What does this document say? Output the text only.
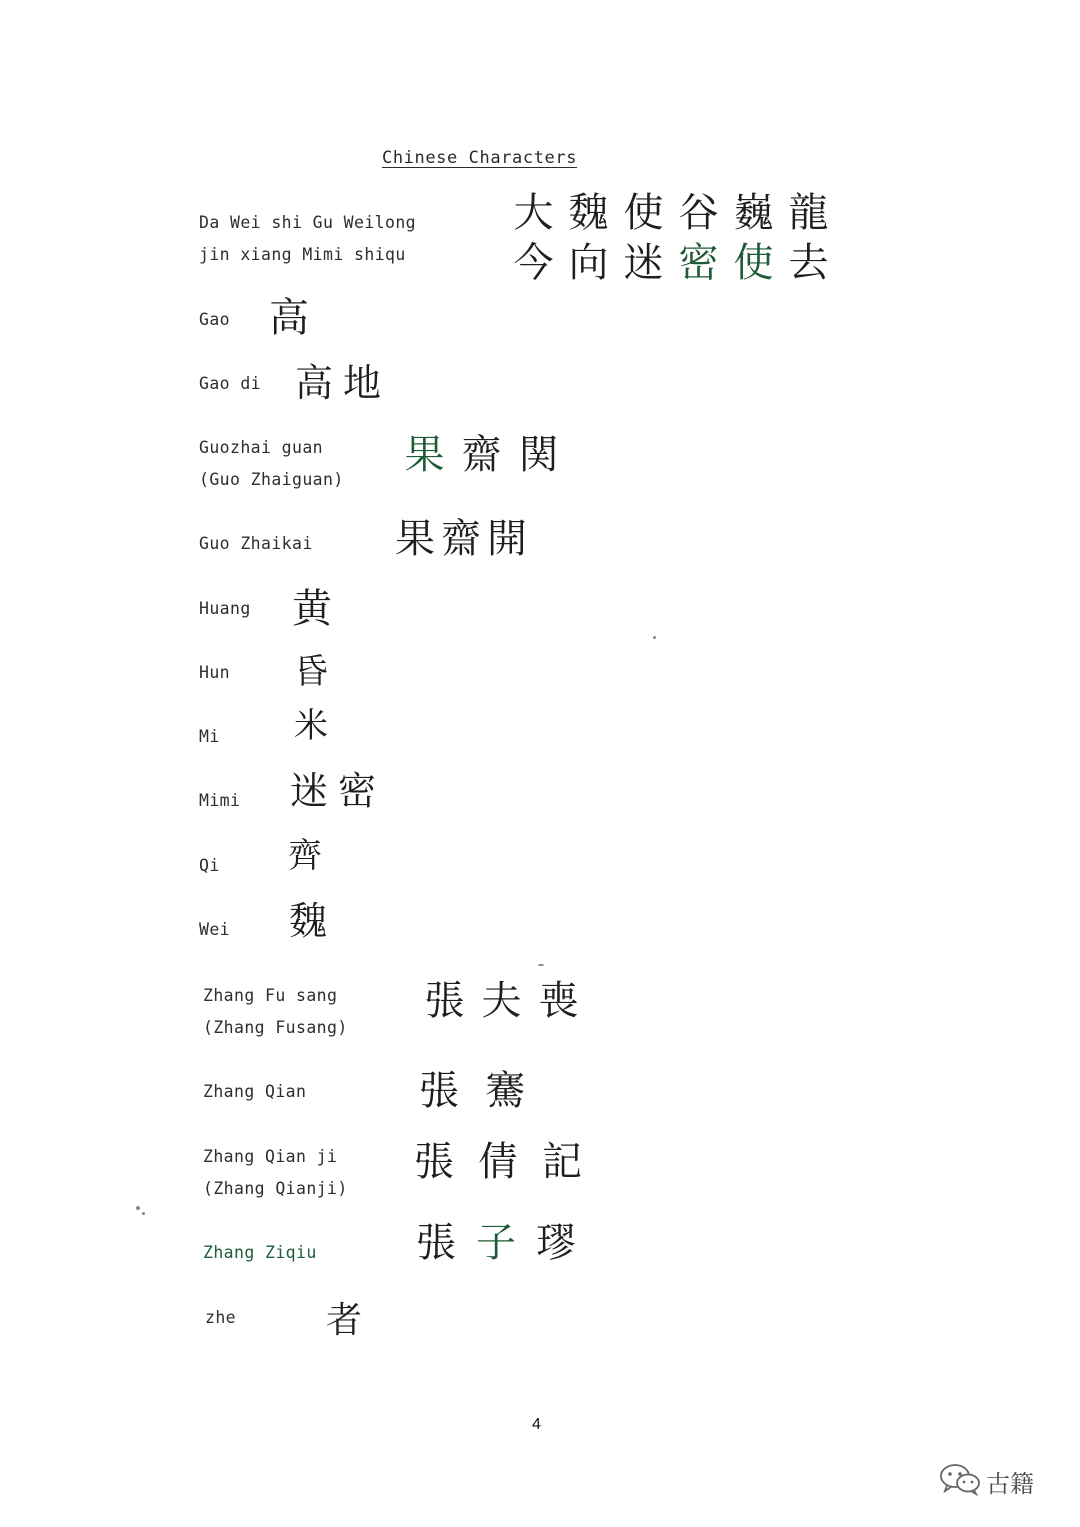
Chinese Characters
Da Wei shi Gu Weilong
jin xiang Mimi shiqu
大 魏 使 谷 巍 龍
今 向 迷 密 使 去
Gao 高
Gao di 高 地
Guozhai guan
(Guo Zhaiguan)
果 齋 関
Guo Zhaikai 果 齋 開
Huang 黄
Hun 昏
Mi 米
Mimi 迷 密
Qi 齊
Wei 魏
Zhang Fu sang
(Zhang Fusang)
張 夫 喪
Zhang Qian	張 騫
Zhang Qian ji
(Zhang Qianji)
張 倩 記
Zhang Ziqiu 張 子 璆
zhe 者
4
古籍
